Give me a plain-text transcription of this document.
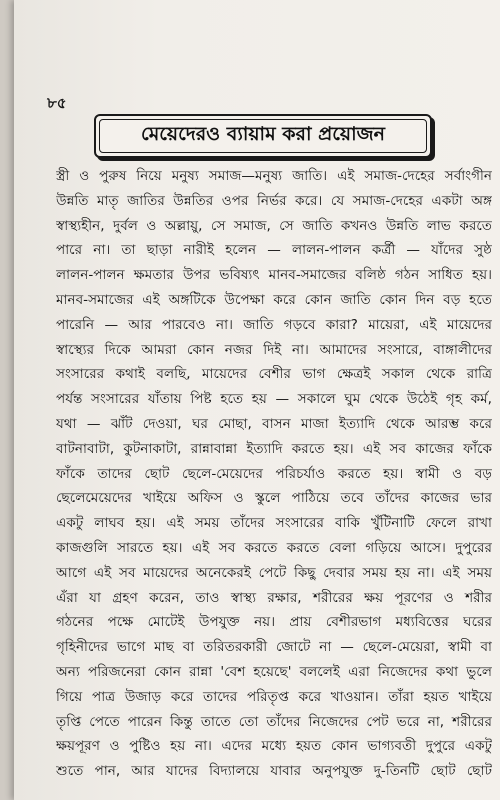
৮৫
মেয়েদেরও ব্যায়াম করা প্রয়োজন
স্ত্রী ও পুরুষ নিয়ে মনুষ্য সমাজ—মনুষ্য জাতি। এই সমাজ-দেহের সর্বাংগীন
উন্নতি মাতৃ জাতির উন্নতির ওপর নির্ভর করে। যে সমাজ-দেহের একটা অঙ্গ
স্বাস্থ্যহীন, দুর্বল ও অল্লায়ু, সে সমাজ, সে জাতি কখনও উন্নতি লাভ করতে
পারে না। তা ছাড়া নারীই হলেন — লালন-পালন কর্ত্রী — যাঁদের সুষ্ঠ
লালন-পালন ক্ষমতার উপর ভবিষ্যৎ মানব-সমাজের বলিষ্ঠ গঠন সাধিত হয়।
মানব-সমাজের এই অঙ্গটিকে উপেক্ষা করে কোন জাতি কোন দিন বড় হতে
পারেনি — আর পারবেও না। জাতি গড়বে কারা? মায়েরা, এই মায়েদের
স্বাস্থ্যের দিকে আমরা কোন নজর দিই না। আমাদের সংসারে, বাঙ্গালীদের
সংসারের কথাই বলছি, মায়েদের বেশীর ভাগ ক্ষেত্রই সকাল থেকে রাত্রি
পর্যন্ত সংসারের যাঁতায় পিষ্ট হতে হয় — সকালে ঘুম থেকে উঠেই গৃহ কর্ম,
যথা — ঝাঁট দেওয়া, ঘর মোছা, বাসন মাজা ইত্যাদি থেকে আরম্ভ করে
বাটনাবাটা, কুটনাকাটা, রান্নাবান্না ইত্যাদি করতে হয়। এই সব কাজের ফাঁকে
ফাঁকে তাদের ছোট ছেলে-মেয়েদের পরিচর্যাও করতে হয়। স্বামী ও বড়
ছেলেমেয়েদের খাইয়ে অফিস ও স্কুলে পাঠিয়ে তবে তাঁদের কাজের ভার
একটু লাঘব হয়। এই সময় তাঁদের সংসারের বাকি খুঁটিনাটি ফেলে রাখা
কাজগুলি সারতে হয়। এই সব করতে করতে বেলা গড়িয়ে আসে। দুপুরের
আগে এই সব মায়েদের অনেকেরই পেটে কিছু দেবার সময় হয় না। এই সময়
এঁরা যা গ্রহণ করেন, তাও স্বাস্থ্য রক্ষার, শরীরের ক্ষয় পূরণের ও শরীর
গঠনের পক্ষে মোটেই উপযুক্ত নয়। প্রায় বেশীরভাগ মধ্যবিত্তের ঘরের
গৃহিনীদের ভাগে মাছ বা তরিতরকারী জোটে না — ছেলে-মেয়েরা, স্বামী বা
অন্য পরিজনেরা কোন রান্না 'বেশ হয়েছে' বললেই এরা নিজেদের কথা ভুলে
গিয়ে পাত্র উজাড় করে তাদের পরিতৃপ্ত করে খাওয়ান। তাঁরা হয়ত খাইয়ে
তৃপ্তি পেতে পারেন কিন্তু তাতে তো তাঁদের নিজেদের পেট ভরে না, শরীরের
ক্ষয়পূরণ ও পুষ্টিও হয় না। এদের মধ্যে হয়ত কোন ভাগ্যবতী দুপুরে একটু
শুতে পান, আর যাদের বিদ্যালয়ে যাবার অনুপযুক্ত দু-তিনটি ছোট ছোট
